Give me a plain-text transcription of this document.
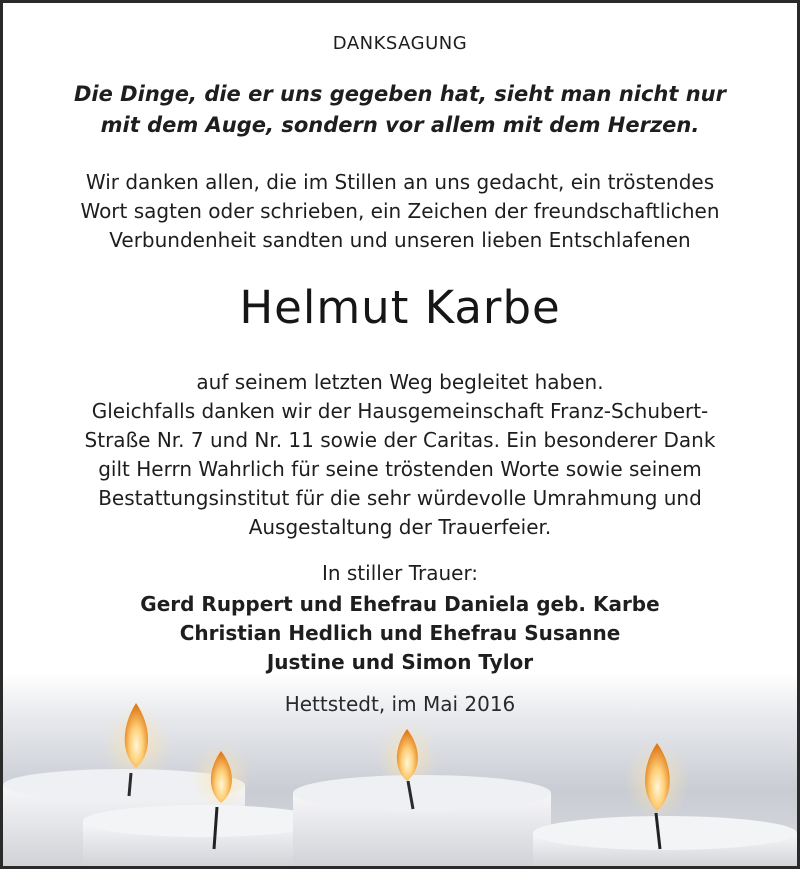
DANKSAGUNG
Die Dinge, die er uns gegeben hat, sieht man nicht nur
mit dem Auge, sondern vor allem mit dem Herzen.
Wir danken allen, die im Stillen an uns gedacht, ein tröstendes
Wort sagten oder schrieben, ein Zeichen der freundschaftlichen
Verbundenheit sandten und unseren lieben Entschlafenen
Helmut Karbe
auf seinem letzten Weg begleitet haben.
Gleichfalls danken wir der Hausgemeinschaft Franz-Schubert-
Straße Nr. 7 und Nr. 11 sowie der Caritas. Ein besonderer Dank
gilt Herrn Wahrlich für seine tröstenden Worte sowie seinem
Bestattungsinstitut für die sehr würdevolle Umrahmung und
Ausgestaltung der Trauerfeier.
In stiller Trauer:
Gerd Ruppert und Ehefrau Daniela geb. Karbe
Christian Hedlich und Ehefrau Susanne
Justine und Simon Tylor
Hettstedt, im Mai 2016
